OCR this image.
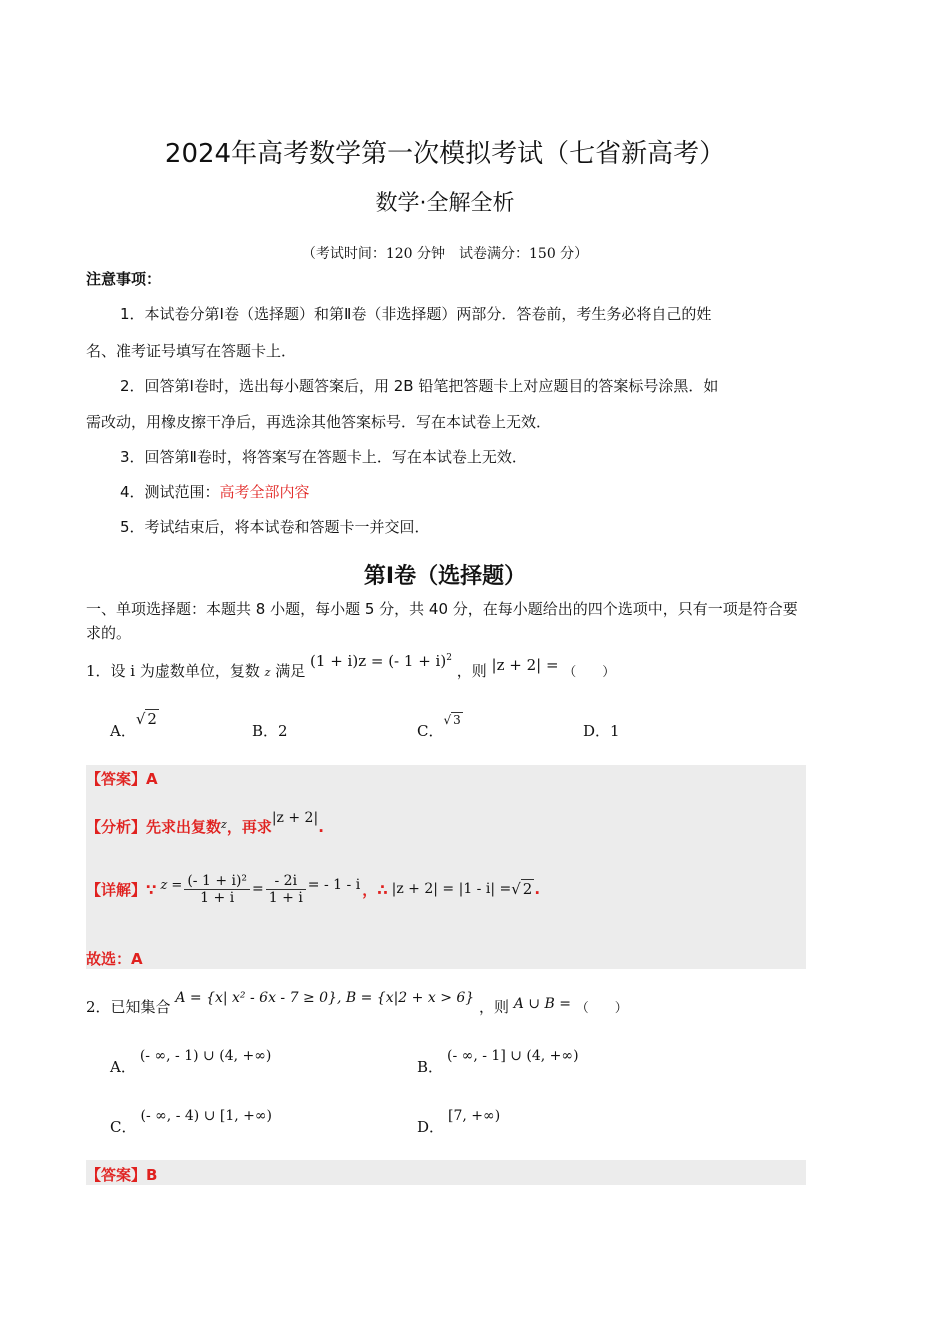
2024年高考数学第一次模拟考试（七省新高考）
数学·全解全析
（考试时间：120 分钟　试卷满分：150 分）
注意事项：
1．本试卷分第Ⅰ卷（选择题）和第Ⅱ卷（非选择题）两部分．答卷前，考生务必将自己的姓
名、准考证号填写在答题卡上．
2．回答第Ⅰ卷时，选出每小题答案后，用 2B 铅笔把答题卡上对应题目的答案标号涂黑．如
需改动，用橡皮擦干净后，再选涂其他答案标号．写在本试卷上无效．
3．回答第Ⅱ卷时，将答案写在答题卡上．写在本试卷上无效．
4．测试范围：高考全部内容
5．考试结束后，将本试卷和答题卡一并交回．
第Ⅰ卷（选择题）
一、单项选择题：本题共 8 小题，每小题 5 分，共 40 分，在每小题给出的四个选项中，只有一项是符合要求的。
1．设 i 为虚数单位，复数 z 满足 (1 + i)z = (- 1 + i)$^2$ ，则 |z + 2| = （　　）
A．√ 2
B．2	C．$^{√ 3}$
D．1
【答案】A
【分析】先求出复数$^z$，再求|z + 2|.
【详解】∵ $z = \frac{\text{(- 1 + i)²}}{1 + i} = \frac{- 2i}{1 + i}$ = - 1 - i ，∴ |z + 2| = |1 - i| = √ 2 .
故选：A
2．已知集合 A = {x| x² - 6x - 7 ≥ 0}, B = {x|2 + x > 6} ，则 A ∪ B = （　　）
A．(- ∞, - 1) ∪ (4, +∞)
B．(- ∞, - 1] ∪ (4, +∞)
C．(- ∞, - 4) ∪ [1, +∞)
D．[7, +∞)
【答案】B
